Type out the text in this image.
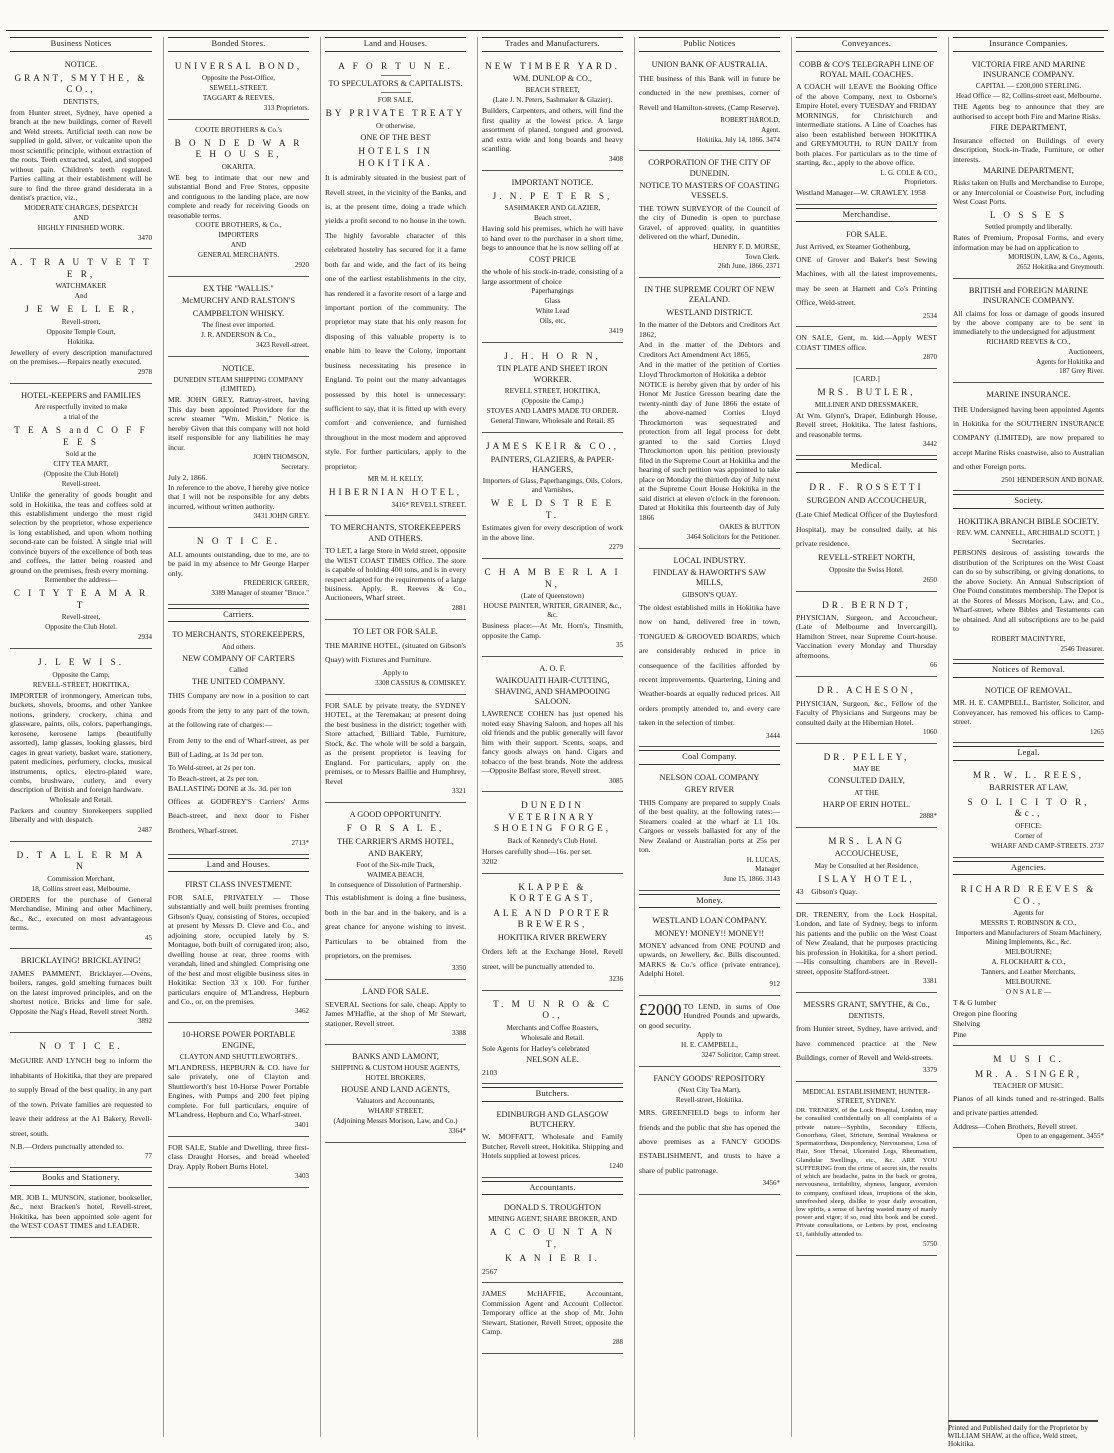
Business Notices
NOTICE.
GRANT, SMYTHE, & CO.,
DENTISTS,
from Hunter street, Sydney, have opened a branch at the new buildings, corner of Revell and Weld streets. Artificial teeth can now be supplied in gold, silver, or vulcanite upon the most scientific principle, without extraction of the roots. Teeth extracted, scaled, and stopped without pain. Children's teeth regulated. Parties calling at their establishment will be sure to find the three grand desiderata in a dentist's practice, viz.,
MODERATE CHARGES, DESPATCH
AND
HIGHLY FINISHED WORK.
3470
A. T R A U T V E T T E R,
WATCHMAKER
And
J E W E L L E R,
Revell-street,
Opposite Temple Court,
Hokitika.
Jewellery of every description manufactured on the premises.—Repairs neatly executed.
2978
HOTEL-KEEPERS and FAMILIES
Are respectfully invited to make
a trial of the
T E A S and C O F F E E S
Sold at the
CITY TEA MART,
(Opposite the Club Hotel)
Revell-street.
Unlike the generality of goods bought and sold in Hokitika, the teas and coffees sold at this establishment undergo the most rigid selection by the proprietor, whose experience is long established, and upon whom nothing second-rate can be foisted. A single trial will convince buyers of the excellence of both teas and coffees, the latter being roasted and ground on the premises, fresh every morning.
Remember the address—
C I T Y T E A M A R T
Revell-street,
Opposite the Club Hotel.
2934
J. L E W I S.
Opposite the Camp,
REVELL-STREET, HOKITIKA,
IMPORTER of ironmongery, American tubs, buckets, shovels, brooms, and other Yankee notions, grindery, crockery, china and glassware, paints, oils, colors, paperhangings, kerosene, kerosene lamps (beautifully assorted), lamp glasses, looking glasses, bird cages in great variety, basket ware, stationery, patent medicines, perfumery, clocks, musical instruments, optics, electro-plated ware, combs, brushware, cutlery, and every description of British and foreign hardware.
Wholesale and Retail.
Packers and country Storekeepers supplied liberally and with despatch.
2487
D. T A L L E R M A N
Commission Merchant,
18, Collins street east, Melbourne.
ORDERS for the purchase of General Merchandise, Mining and other Machinery, &c., &c., executed on most advantageous terms.
45
BRICKLAYING! BRICKLAYING!
JAMES PAMMENT, Bricklayer.—Ovens, boilers, ranges, gold smelting furnaces built on the latest improved principles, and on the shortest notice. Bricks and lime for sale. Opposite the Nag's Head, Revell street North.
3892
N O T I C E.
McGUIRE AND LYNCH beg to inform the inhabitants of Hokitika, that they are prepared to supply Bread of the best quality, in any part of the town. Private families are requested to leave their address at the A1 Bakery, Revell-street, south.
N.B.—Orders punctually attended to.
77
Books and Stationery.
MR. JOB L. MUNSON, stationer, bookseller, &c., next Bracken's hotel, Revell-street, Hokitika, has been appointed sole agent for the WEST COAST TIMES and LEADER.
Bonded Stores.
UNIVERSAL BOND,
Opposite the Post-Office,
SEWELL-STREET.
TAGGART & REEVES,
313 Proprietors.
COOTE BROTHERS & Co.'s
B O N D E D W A R E H O U S E,
OKARITA.
WE beg to intimate that our new and substantial Bond and Free Stores, opposite and contiguous to the landing place, are now complete and ready for receiving Goods on reasonable terms.
COOTE BROTHERS, & Co.,
IMPORTERS
AND
GENERAL MERCHANTS.
2920
EX THE "WALLIS."
McMURCHY AND RALSTON'S
CAMPBELTON WHISKY.
The finest ever imported.
J. R. ANDERSON & Co.,
3423 Revell-street.
NOTICE.
DUNEDIN STEAM SHIPPING COMPANY (LIMITED).
MR. JOHN GREY, Rattray-street, having This day been appointed Providore for the screw steamer "Wm. Miskin," Notice is hereby Given that this company will not hold itself responsible for any liabilities he may incur.
JOHN THOMSON,
Secretary.
July 2, 1866.
In reference to the above, I hereby give notice that I will not be responsible for any debts incurred, without written authority.
3431 JOHN GREY.
N O T I C E.
ALL amounts outstanding, due to me, are to be paid in my absence to Mr George Harper only.
FREDERICK GREER,
3389 Manager of steamer "Bruce."
Carriers.
TO MERCHANTS, STOREKEEPERS,
And others.
NEW COMPANY OF CARTERS
Called
THE UNITED COMPANY.
THIS Company are now in a position to cart goods from the jetty to any part of the town, at the following rate of charges:—
From Jetty to the end of Wharf-street, as per Bill of Lading, at 1s 3d per ton.
To Weld-street, at 2s per ton.
To Beach-street, at 2s per ton.
BALLASTING DONE at 3s. 3d. per ton
Offices at GODFREY'S Carriers' Arms Beach-street, and next door to Fisher Brothers, Wharf-street.
2713*
Land and Houses.
FIRST CLASS INVESTMENT.
FOR SALE, PRIVATELY — Those substantially and well built premises fronting Gibson's Quay, consisting of Stores, occupied at present by Messrs D. Cleve and Co., and adjoining store, occupied lately by S. Montague, both built of corrugated iron; also, dwelling house at rear, three rooms with verandah, lined and shingled. Comprising one of the best and most eligible business sites in Hokitika: Section 33 x 100. For further particulars enquire of M'Landress, Hepburn and Co., or, on the premises.
3462
10-HORSE POWER PORTABLE ENGINE,
CLAYTON AND SHUTTLEWORTH'S.
M'LANDRESS, HEPBURN & CO. have for sale privately, one of Clayton and Shuttleworth's best 10-Horse Power Portable Engines, with Pumps and 200 feet piping complete. For full particulars, enquire of M'Landress, Hepburn and Co, Wharf-street.
3401
FOR SALE, Stable and Dwelling, three first-class Draught Horses, and bread wheeled Dray. Apply Robert Burns Hotel.
3403
Land and Houses.
A F O R T U N E.
TO SPECULATORS & CAPITALISTS.
FOR SALE,
BY PRIVATE TREATY
Or otherwise,
ONE OF THE BEST
HOTELS IN HOKITIKA.
It is admirably situated in the busiest part of Revell street, in the vicinity of the Banks, and is, at the present time, doing a trade which yields a profit second to no house in the town. The highly favorable character of this celebrated hostelry has secured for it a fame both far and wide, and the fact of its being one of the earliest establishments in the city, has rendered it a favorite resort of a large and important portion of the community. The proprietor may state that his only reason for disposing of this valuable property is to enable him to leave the Colony, important business necessitating his presence in England. To point out the many advantages possessed by this hotel is unnecessary: sufficient to say, that it is fitted up with every comfort and convenience, and furnished throughout in the most modern and approved style. For further particulars, apply to the proprietor,
MR M. H. KELLY,
HIBERNIAN HOTEL,
3416* REVELL STREET.
TO MERCHANTS, STOREKEEPERS AND OTHERS.
TO LET, a large Store in Weld street, opposite the WEST COAST TIMES Office. The store is capable of holding 400 tons, and is in every respect adapted for the requirements of a large business. Apply, R. Reeves & Co., Auctioneers, Wharf street.
2881
TO LET OR FOR SALE.
THE MARINE HOTEL, (situated on Gibson's Quay) with Fixtures and Furniture.
Apply to
3308 CASSIUS & COMISKEY.
FOR SALE by private treaty, the SYDNEY HOTEL, at the Teremakau; at present doing the best business in the district; together with Store attached, Billiard Table, Furniture, Stock, &c. The whole will be sold a bargain, as the present proprietor is leaving for England. For particulars, apply on the premises, or to Messrs Baillie and Humphrey, Revel
3321
A GOOD OPPORTUNITY.
F O R S A L E,
THE CARRIER'S ARMS HOTEL,
AND BAKERY,
Foot of the Six-mile Track,
WAIMEA BEACH,
In consequence of Dissolution of Partnership.
This establishment is doing a fine business, both in the bar and in the bakery, and is a great chance for anyone wishing to invest. Particulars to be obtained from the proprietors, on the premises.
3350
LAND FOR SALE.
SEVERAL Sections for sale, cheap. Apply to James M'Haffie, at the shop of Mr Stewart, stationer, Revell street.
3388
BANKS AND LAMONT,
SHIPPING & CUSTOM HOUSE AGENTS,
HOTEL BROKERS,
HOUSE AND LAND AGENTS,
Valuators and Accountants,
WHARF STREET,
(Adjoining Messrs Morison, Law, and Co.)
3364*
Trades and Manufacturers.
NEW TIMBER YARD.
WM. DUNLOP & CO.,
BEACH STREET,
(Late J. N. Peters, Sashmaker & Glazier).
Builders, Carpenters, and others, will find the first quality at the lowest price. A large assortment of planed, tongued and grooved, and extra wide and long boards and heavy scantling.
3408
IMPORTANT NOTICE.
J. N. P E T E R S,
SASHMAKER AND GLAZIER,
Beach street,
Having sold his premises, which he will have to hand over to the purchaser in a short time, begs to announce that he is now selling off at
COST PRICE
the whole of his stock-in-trade, consisting of a large assortment of choice
Paperhangings
Glass
White Lead
Oils, etc.
3419
J. H. H O R N,
TIN PLATE AND SHEET IRON WORKER.
REVELL STREET, HOKITIKA,
(Opposite the Camp.)
STOVES AND LAMPS MADE TO ORDER.
General Tinware, Wholesale and Retail. 85
JAMES KEIR & CO.,
PAINTERS, GLAZIERS, & PAPER-HANGERS,
Importers of Glass, Paperhangings, Oils, Colors, and Varnishes,
W E L D S T R E E T.
Estimates given for every description of work in the above line.
2279
C H A M B E R L A I N,
(Late of Queenstown)
HOUSE PAINTER, WRITER, GRAINER, &c., &c.
Business place:—At Mr. Horn's, Tinsmith, opposite the Camp.
35
A. O. F.
WAIKOUAITI HAIR-CUTTING, SHAVING, AND SHAMPOOING SALOON.
LAWRENCE COHEN has just opened his noted easy Shaving Saloon, and hopes all his old friends and the public generally will favor him with their support. Scents, soaps, and fancy goods always on hand. Cigars and tobacco of the best brands. Note the address—Opposite Belfast store, Revell street.
3085
DUNEDIN VETERINARY SHOEING FORGE,
Back of Kennedy's Club Hotel.
Horses carefully shod—16s. per set.
3202
KLAPPE & KORTEGAST,
ALE AND PORTER BREWERS,
HOKITIKA RIVER BREWERY
Orders left at the Exchange Hotel, Revell street, will be punctually attended to.
3236
T. M U N R O & C O.,
Merchants and Coffee Roasters,
Wholesale and Retail.
Sole Agents for Harley's celebrated
NELSON ALE.
2103
Butchers.
EDINBURGH AND GLASGOW BUTCHERY.
W. MOFFATT, Wholesale and Family Butcher, Revell street, Hokitika. Shipping and Hotels supplied at lowest prices.
1240
Accountants.
DONALD S. TROUGHTON
MINING AGENT, SHARE BROKER, AND
A C C O U N T A N T,
K A N I E R I.
2567
JAMES McHAFFIE, Accountant, Commission Agent and Account Collector. Temporary office at the shop of Mr. John Stewart, Stationer, Revell Street, opposite the Camp.
288
Public Notices
UNION BANK OF AUSTRALIA.
THE business of this Bank will in future be conducted in the new premises, corner of Revell and Hamilton-streets, (Camp Reserve).
ROBERT HAROLD,
Agent.
Hokitika, July 14, 1866. 3474
CORPORATION OF THE CITY OF DUNEDIN.
NOTICE TO MASTERS OF COASTING VESSELS.
THE TOWN SURVEYOR of the Council of the city of Dunedin is open to purchase Gravel, of approved quality, in quantities delivered on the wharf, Dunedin.
HENRY F. D. MORSE,
Town Clerk.
26th June, 1866. 2371
IN THE SUPREME COURT OF NEW ZEALAND.
WESTLAND DISTRICT.
In the matter of the Debtors and Creditors Act 1862,
And in the matter of the Debtors and Creditors Act Amendment Act 1865,
And in the matter of the petition of Corties Lloyd Throckmorton of Hokitika a debtor
NOTICE is hereby given that by order of his Honor Mr Justice Gresson bearing date the twenty-ninth day of June 1866 the estate of the above-named Corties Lloyd Throckmorton was sequestrated and protection from all legal process for debt granted to the said Corties Lloyd Throckmorton upon his petition previously filed in the Supreme Court at Hokitika and the hearing of such petition was appointed to take place on Monday the thirtieth day of July next at the Supreme Court House Hokitika in the said district at eleven o'clock in the forenoon. Dated at Hokitika this fourteenth day of July 1866
OAKES & BUTTON
3464 Solicitors for the Petitioner.
LOCAL INDUSTRY.
FINDLAY & HAWORTH'S SAW MILLS,
GIBSON'S QUAY.
The oldest established mills in Hokitika have now on hand, delivered free in town, TONGUED & GROOVED BOARDS, which are considerably reduced in price in consequence of the facilities afforded by recent improvements. Quartering, Lining and Weather-boards at equally reduced prices. All orders promptly attended to, and every care taken in the selection of timber.
3444
Coal Company.
NELSON COAL COMPANY
GREY RIVER
THIS Company are prepared to supply Coals of the best quality, at the following rates:— Steamers coaled at the wharf at L1 10s. Cargoes or vessels ballasted for any of the New Zealand or Australian ports at 25s per ton.
H. LUCAS,
Manager
June 15, 1866. 3143
Money.
WESTLAND LOAN COMPANY.
MONEY! MONEY!! MONEY!!
MONEY advanced from ONE POUND and upwards, on Jewellery, &c. Bills discounted. MARKS & Co.'s office (private entrance), Adelphi Hotel.
912
£2000 TO LEND, in sums of One Hundred Pounds and upwards, on good security.
Apply to
H. E. CAMPBELL,
3247 Solicitor, Camp street.
FANCY GOODS' REPOSITORY
(Next City Tea Mart),
Revell-street, Hokitika.
MRS. GREENFIELD begs to inform her friends and the public that she has opened the above premises as a FANCY GOODS ESTABLISHMENT, and trusts to have a share of public patronage.
3456*
Conveyances.
COBB & CO'S TELEGRAPH LINE OF ROYAL MAIL COACHES.
A COACH will LEAVE the Booking Office of the above Company, next to Osborne's Empire Hotel, every TUESDAY and FRIDAY MORNINGS, for Christchurch and intermediate stations. A Line of Coaches has also been established between HOKITIKA and GREYMOUTH, to RUN DAILY from both places. For particulars as to the time of starting, &c., apply to the above office.
L. G. COLE & CO.,
Proprietors.
Westland Manager—W. CRAWLEY. 1958
Merchandise.
FOR SALE.
Just Arrived, ex Steamer Gothenburg,
ONE of Grover and Baker's best Sewing Machines, with all the latest improvements, may be seen at Harnett and Co's Printing Office, Weld-street.
2534
ON SALE, Gent, m. kid.—Apply WEST COAST TIMES office.
2870
[CARD.]
MRS. BUTLER,
MILLINER AND DRESSMAKER,
At Wm. Glynn's, Draper, Edinburgh House, Revell street, Hokitika. The latest fashions, and reasonable terms.
3442
Medical.
DR. F. ROSSETTI
SURGEON AND ACCOUCHEUR,
(Late Chief Medical Officer of the Daylesford Hospital), may be consulted daily, at his private residence.
REVELL-STREET NORTH,
Opposite the Swiss Hotel.
2650
DR. BERNDT,
PHYSICIAN, Surgeon, and Accoucheur, (Late of Melbourne and Invercargill), Hamilton Street, near Supreme Court-house. Vaccination every Monday and Thursday afternoons.
66
DR. ACHESON,
PHYSICIAN, Surgeon, &c., Fellow of the Faculty of Physicians and Surgeons may be consulted daily at the Hibernian Hotel.
1060
DR. PELLEY,
MAY BE
CONSULTED DAILY,
AT THE
HARP OF ERIN HOTEL.
2888*
MRS. LANG
ACCOUCHEUSE,
May be Consulted at her Residence,
ISLAY HOTEL,
43 Gibson's Quay.
DR. TRENERY, from the Lock Hospital, London, and late of Sydney, begs to inform his patients and the public on the West Coast of New Zealand, that he purposes practicing his profession in Hokitika, for a short period.—His consulting chambers are in Revell-street, opposite Stafford-street.
3381
MESSRS GRANT, SMYTHE, & Co.,
DENTISTS,
from Hunter street, Sydney, have arrived, and have commenced practice at the New Buildings, corner of Revell and Weld-streets.
3379
MEDICAL ESTABLISHMENT, HUNTER-STREET, SYDNEY.
DR. TRENERY, of the Lock Hospital, London, may be consulted confidentially on all complaints of a private nature—Syphilis, Secondary Effects, Gonorrhœa, Gleet, Stricture, Seminal Weakness or Spermatorrhœa, Despondency, Nervousness, Loss of Hair, Sore Throat, Ulcerated Legs, Rheumatism, Glandular Swellings, etc., &c. ARE YOU SUFFERING from the crime of secret sin, the results of which are headache, pains in the back or groins, nervousness, irritability, shyness, languor, aversion to company, confused ideas, irruptions of the skin, unrefreshed sleep, dislike to your daily avocation, low spirits, a sense of having wasted many of manly power and vigor; if so, read this book and be cured. Private consultations, or Letters by post, enclosing £1, faithfully attended to.
5750
Insurance Companies.
VICTORIA FIRE AND MARINE INSURANCE COMPANY.
CAPITAL — £200,000 STERLING.
Head Office — 82, Collins-street east, Melbourne.
THE Agents beg to announce that they are authorised to accept both Fire and Marine Risks.
FIRE DEPARTMENT,
Insurance effected on Buildings of every description, Stock-in-Trade, Furniture, or other interests.
MARINE DEPARTMENT,
Risks taken on Hulls and Merchandise to Europe, or any Intercolonial or Coastwise Port, including West Coast Ports.
L O S S E S
Settled promptly and liberally.
Rates of Premium, Proposal Forms, and every information may be had on application to
MORISON, LAW, & Co., Agents,
2652 Hokitika and Greymouth.
BRITISH and FOREIGN MARINE INSURANCE COMPANY.
All claims for loss or damage of goods insured by the above company are to be sent in immediately to the undersigned for adjustment
RICHARD REEVES & CO.,
Auctioneers,
Agents for Hokitika and
187 Grey River.
MARINE INSURANCE.
THE Undersigned having been appointed Agents in Hokitika for the SOUTHERN INSURANCE COMPANY (LIMITED), are now prepared to accept Marine Risks coastwise, also to Australian and other Foreign ports.
2501 HENDERSON AND BONAR.
Society.
HOKITIKA BRANCH BIBLE SOCIETY.
REV. WM. CANNELL, ARCHIBALD SCOTT, } Secretaries.
PERSONS desirous of assisting towards the distribution of the Scriptures on the West Coast can do so by subscribing, or giving donations, to the above Society. An Annual Subscription of One Pound constitutes membership. The Depot is at the Stores of Messrs Morison, Law, and Co., Wharf-street, where Bibles and Testaments can be obtained. And all subscriptions are to be paid to
ROBERT MACINTYRE,
2546 Treasurer.
Notices of Removal.
NOTICE OF REMOVAL.
MR. H. E. CAMPBELL, Barrister, Solicitor, and Conveyancer, has removed his offices to Camp-street.
1265
Legal.
MR. W. L. REES,
BARRISTER AT LAW,
S O L I C I T O R, &c.,
OFFICE:
Corner of
WHARF AND CAMP-STREETS. 2737
Agencies.
RICHARD REEVES & CO.,
Agents for
MESSRS T. ROBINSON & CO.,
Importers and Manufacturers of Steam Machinery, Mining Implements, &c., &c.
MELBOURNE;
A. FLOCKHART & CO.,
Tanners, and Leather Merchants,
MELBOURNE.
O N S A L E —
T & G lumber
Oregon pine flooring
Shelving
Pine
M U S I C.
MR. A. SINGER,
TEACHER OF MUSIC.
Pianos of all kinds tuned and re-stringed. Balls and private parties attended.
Address—Cohen Brothers, Revell street.
Open to an engagement. 3455*
Printed and Published daily for the Proprietor by WILLIAM SHAW, at the office, Weld street, Hokitika.
